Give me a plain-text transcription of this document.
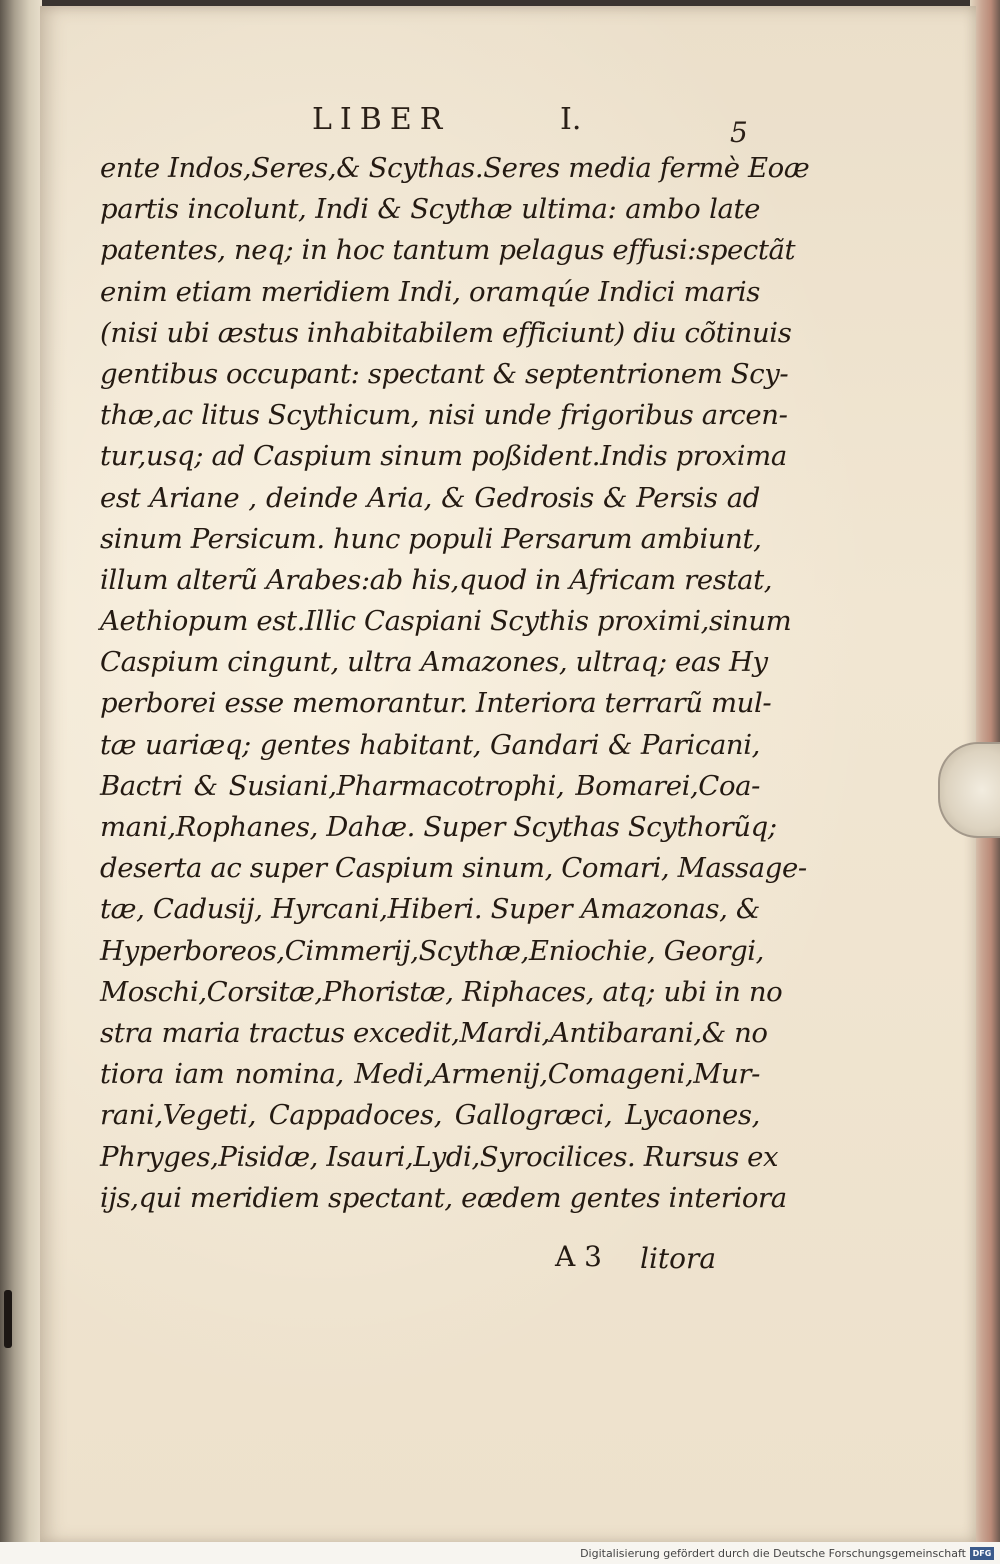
LIBER	I.	5
ente Indos,Seres,& Scythas.Seres media fermè Eoæ
partis incolunt, Indi & Scythæ ultima: ambo late
patentes, neq; in hoc tantum pelagus effusi:spectãt
enim etiam meridiem Indi, oramqúe Indici maris
(nisi ubi æstus inhabitabilem efficiunt) diu cõtinuis
gentibus occupant: spectant & septentrionem Scy-
thæ,ac litus Scythicum, nisi unde frigoribus arcen-
tur,usq; ad Caspium sinum poßident.Indis proxima
est Ariane , deinde Aria, & Gedrosis & Persis ad
sinum Persicum. hunc populi Persarum ambiunt,
illum alterũ Arabes:ab his,quod in Africam restat,
Aethiopum est.Illic Caspiani Scythis proximi,sinum
Caspium cingunt, ultra Amazones, ultraq; eas Hy
perborei esse memorantur. Interiora terrarũ mul-
tæ uariæq; gentes habitant, Gandari & Paricani,
Bactri & Susiani,Pharmacotrophi, Bomarei,Coa-
mani,Rophanes, Dahæ. Super Scythas Scythorũq;
deserta ac super Caspium sinum, Comari, Massage-
tæ, Cadusij, Hyrcani,Hiberi. Super Amazonas, &
Hyperboreos,Cimmerij,Scythæ,Eniochie, Georgi,
Moschi,Corsitæ,Phoristæ, Riphaces, atq; ubi in no
stra maria tractus excedit,Mardi,Antibarani,& no
tiora iam nomina, Medi,Armenij,Comageni,Mur-
rani,Vegeti, Cappadoces, Gallogræci, Lycaones,
Phryges,Pisidæ, Isauri,Lydi,Syrocilices. Rursus ex
ijs,qui meridiem spectant, eædem gentes interiora
A 3 litora
Digitalisierung gefördert durch die Deutsche Forschungsgemeinschaft DFG
